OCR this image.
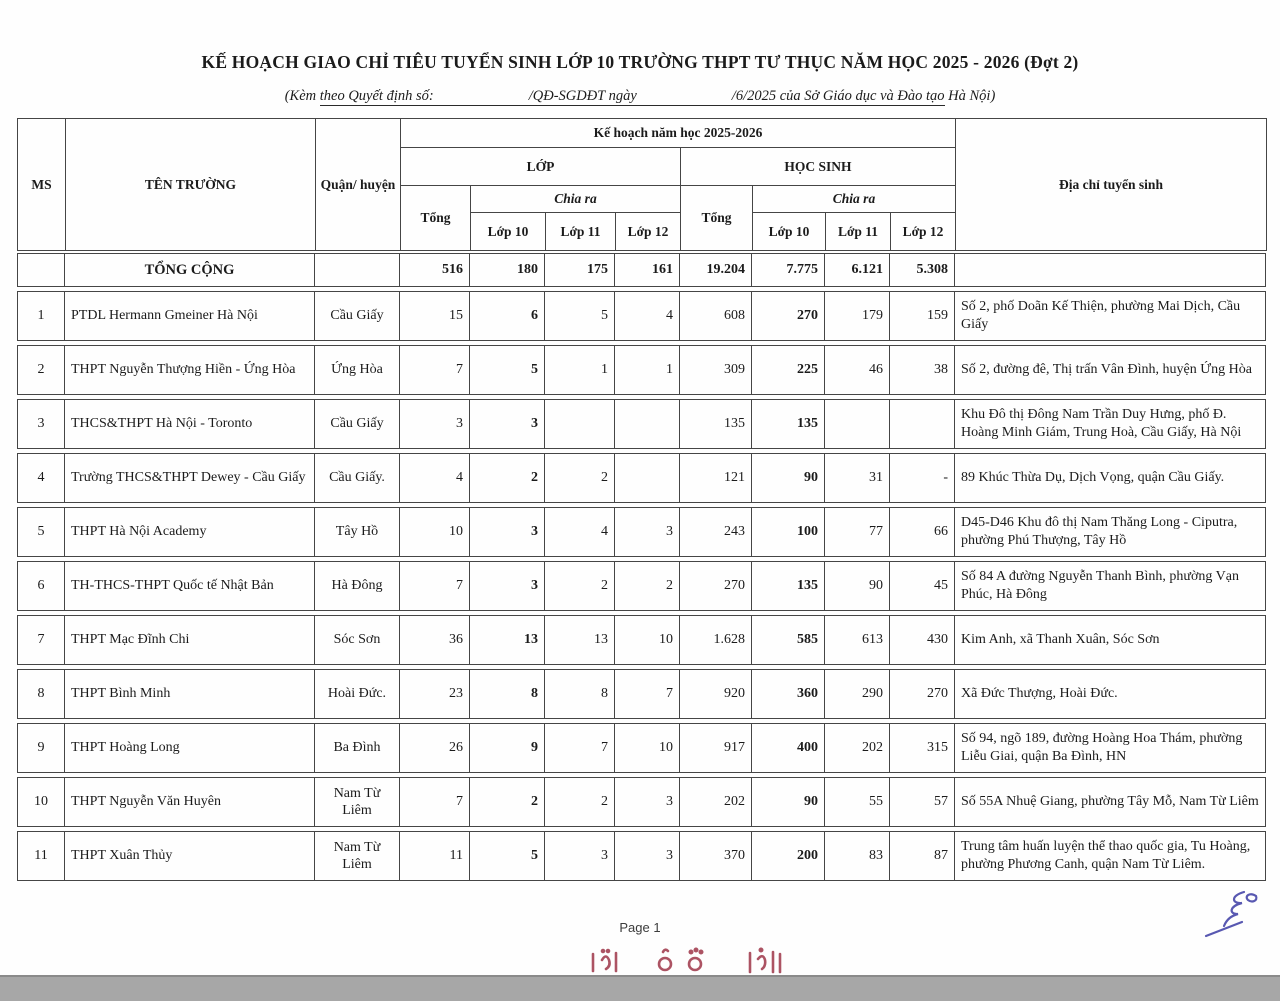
KẾ HOẠCH GIAO CHỈ TIÊU TUYỂN SINH LỚP 10 TRƯỜNG THPT TƯ THỤC NĂM HỌC 2025 - 2026 (Đợt 2)
(Kèm theo Quyết định số:	/QĐ-SGDĐT ngày	/6/2025 của Sở Giáo dục và Đào tạo Hà Nội)
MS	TÊN TRƯỜNG	Quận/ huyện	Kế hoạch năm học 2025-2026								Địa chỉ tuyển sinh
			LỚP				HỌC SINH				
			Tổng	Chia ra			Tổng	Chia ra			
				Lớp 10	Lớp 11	Lớp 12		Lớp 10	Lớp 11	Lớp 12	
	TỔNG CỘNG		516	180	175	161	19.204	7.775	6.121	5.308	
1	PTDL Hermann Gmeiner Hà Nội	Cầu Giấy	15	6	5	4	608	270	179	159	Số 2, phố Doãn Kế Thiện, phường Mai Dịch, Cầu Giấy
2	THPT Nguyễn Thượng Hiền - Ứng Hòa	Ứng Hòa	7	5	1	1	309	225	46	38	Số 2, đường đê, Thị trấn Vân Đình, huyện Ứng Hòa
3	THCS&THPT Hà Nội - Toronto	Cầu Giấy	3	3			135	135			Khu Đô thị Đông Nam Trần Duy Hưng, phố Đ. Hoàng Minh Giám, Trung Hoà, Cầu Giấy, Hà Nội
4	Trường THCS&THPT Dewey - Cầu Giấy	Cầu Giấy.	4	2	2		121	90	31	-	89 Khúc Thừa Dụ, Dịch Vọng, quận Cầu Giấy.
5	THPT Hà Nội Academy	Tây Hồ	10	3	4	3	243	100	77	66	D45-D46 Khu đô thị Nam Thăng Long - Ciputra, phường Phú Thượng, Tây Hồ
6	TH-THCS-THPT Quốc tế Nhật Bản	Hà Đông	7	3	2	2	270	135	90	45	Số 84 A đường Nguyễn Thanh Bình, phường Vạn Phúc, Hà Đông
7	THPT Mạc Đĩnh Chi	Sóc Sơn	36	13	13	10	1.628	585	613	430	Kim Anh, xã Thanh Xuân, Sóc Sơn
8	THPT Bình Minh	Hoài Đức.	23	8	8	7	920	360	290	270	Xã Đức Thượng, Hoài Đức.
9	THPT Hoàng Long	Ba Đình	26	9	7	10	917	400	202	315	Số 94, ngõ 189, đường Hoàng Hoa Thám, phường Liễu Giai, quận Ba Đình, HN
10	THPT Nguyễn Văn Huyên	Nam Từ Liêm	7	2	2	3	202	90	55	57	Số 55A Nhuệ Giang, phường Tây Mỗ, Nam Từ Liêm
11	THPT Xuân Thủy	Nam Từ Liêm	11	5	3	3	370	200	83	87	Trung tâm huấn luyện thể thao quốc gia, Tu Hoàng, phường Phương Canh, quận Nam Từ Liêm.
Page 1
